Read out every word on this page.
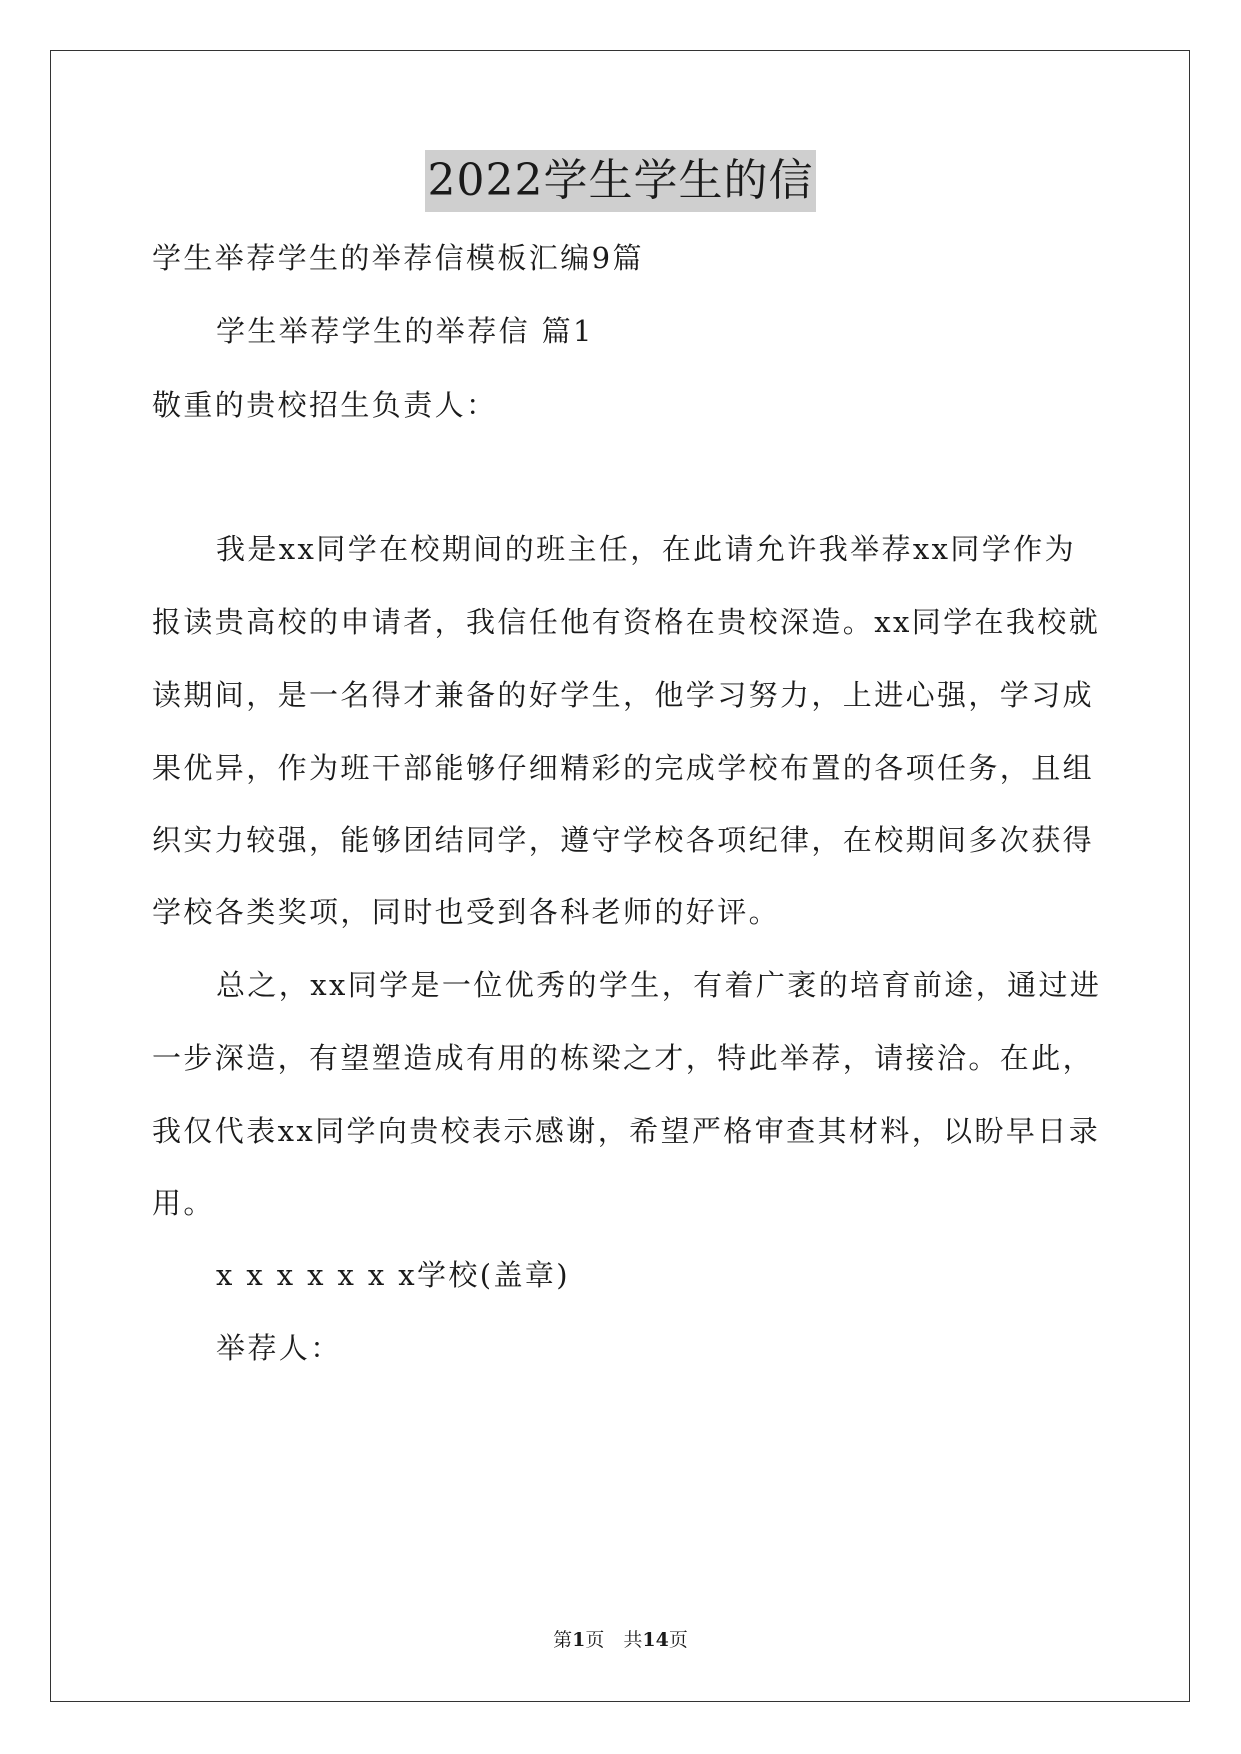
2022学生学生的信
学生举荐学生的举荐信模板汇编9篇
学生举荐学生的举荐信 篇1
敬重的贵校招生负责人：
我是xx同学在校期间的班主任，在此请允许我举荐xx同学作为
报读贵高校的申请者，我信任他有资格在贵校深造。xx同学在我校就
读期间，是一名得才兼备的好学生，他学习努力，上进心强，学习成
果优异，作为班干部能够仔细精彩的完成学校布置的各项任务，且组
织实力较强，能够团结同学，遵守学校各项纪律，在校期间多次获得
学校各类奖项，同时也受到各科老师的好评。
总之，xx同学是一位优秀的学生，有着广袤的培育前途，通过进
一步深造，有望塑造成有用的栋梁之才，特此举荐，请接洽。在此，
我仅代表xx同学向贵校表示感谢，希望严格审查其材料，以盼早日录
用。
x x x x x x x学校(盖章)
举荐人：
第1页　共14页
